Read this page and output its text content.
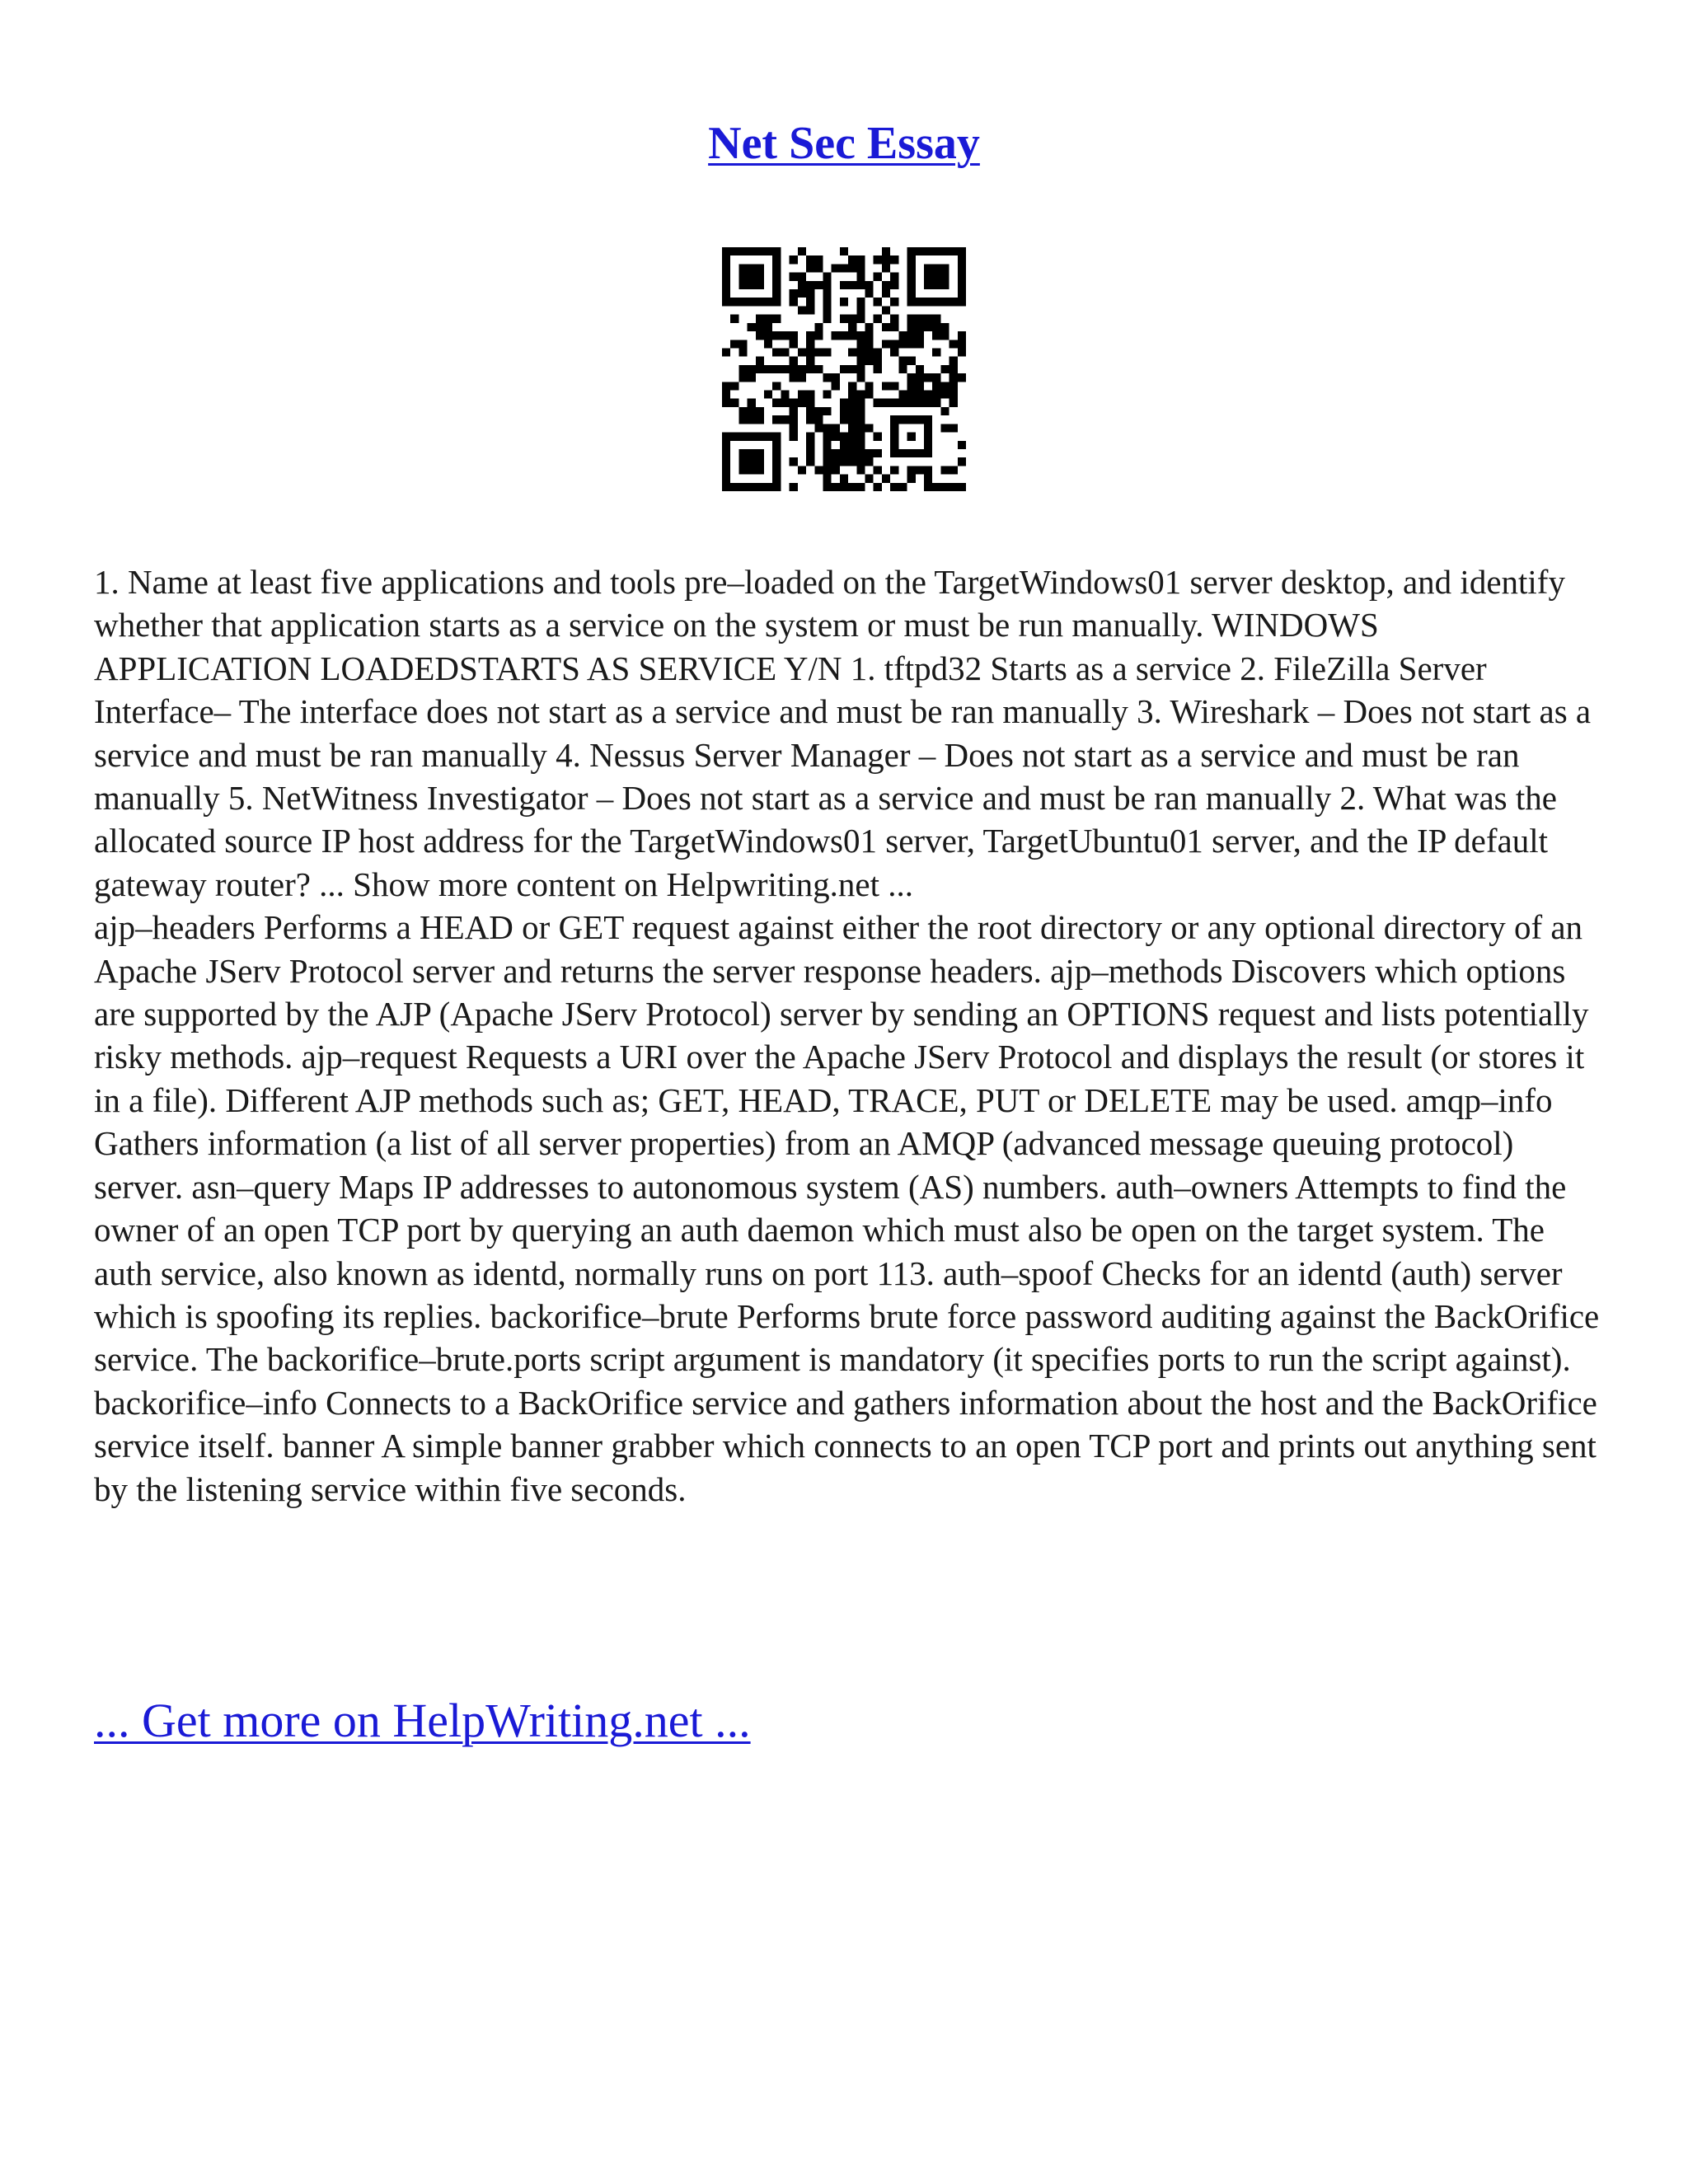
Net Sec Essay

1. Name at least five applications and tools pre–loaded on the TargetWindows01 server desktop, and identify whether that application starts as a service on the system or must be run manually. WINDOWS APPLICATION LOADEDSTARTS AS SERVICE Y/N 1. tftpd32 Starts as a service 2. FileZilla Server Interface– The interface does not start as a service and must be ran manually 3. Wireshark – Does not start as a service and must be ran manually 4. Nessus Server Manager – Does not start as a service and must be ran manually 5. NetWitness Investigator – Does not start as a service and must be ran manually 2. What was the allocated source IP host address for the TargetWindows01 server, TargetUbuntu01 server, and the IP default gateway router? ... Show more content on Helpwriting.net ...

ajp–headers Performs a HEAD or GET request against either the root directory or any optional directory of an Apache JServ Protocol server and returns the server response headers. ajp–methods Discovers which options are supported by the AJP (Apache JServ Protocol) server by sending an OPTIONS request and lists potentially risky methods. ajp–request Requests a URI over the Apache JServ Protocol and displays the result (or stores it in a file). Different AJP methods such as; GET, HEAD, TRACE, PUT or DELETE may be used. amqp–info Gathers information (a list of all server properties) from an AMQP (advanced message queuing protocol) server. asn–query Maps IP addresses to autonomous system (AS) numbers. auth–owners Attempts to find the owner of an open TCP port by querying an auth daemon which must also be open on the target system. The auth service, also known as identd, normally runs on port 113. auth–spoof Checks for an identd (auth) server which is spoofing its replies. backorifice–brute Performs brute force password auditing against the BackOrifice service. The backorifice–brute.ports script argument is mandatory (it specifies ports to run the script against). backorifice–info Connects to a BackOrifice service and gathers information about the host and the BackOrifice service itself. banner A simple banner grabber which connects to an open TCP port and prints out anything sent by the listening service within five seconds.

... Get more on HelpWriting.net ...
